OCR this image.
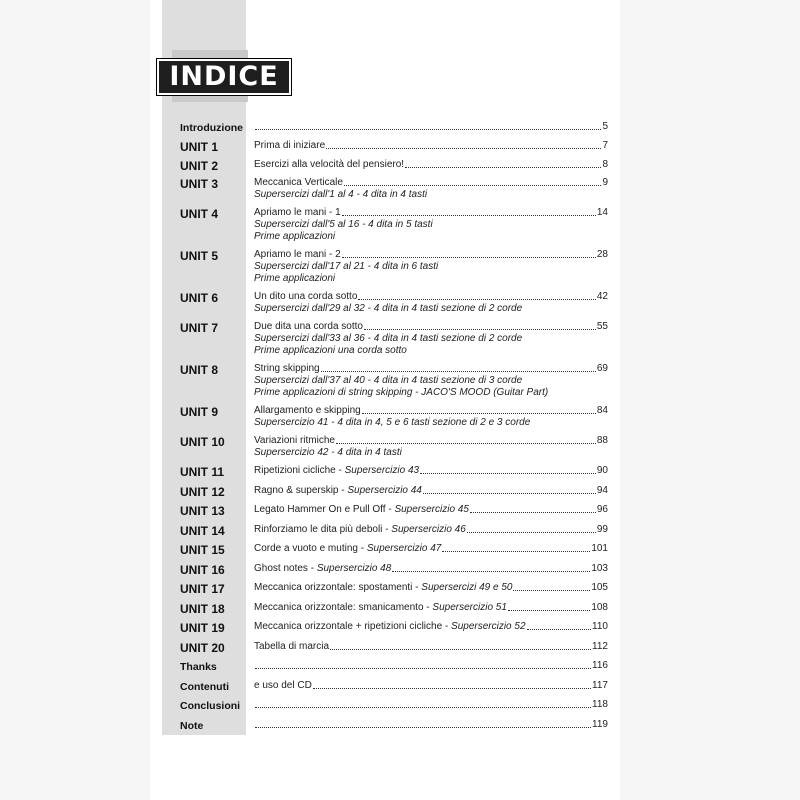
INDICE
Introduzione	5
UNIT 1	Prima di iniziare	7
UNIT 2	Esercizi alla velocità del pensiero!	8
UNIT 3	Meccanica Verticale	9
Supersercizi dall'1 al 4 - 4 dita in 4 tasti
UNIT 4	Apriamo le mani - 1	14
Supersercizi dall'5 al 16 - 4 dita in 5 tasti
Prime applicazioni
UNIT 5	Apriamo le mani - 2	28
Supersercizi dall'17 al 21 - 4 dita in 6 tasti
Prime applicazioni
UNIT 6	Un dito una corda sotto	42
Supersercizi dall'29 al 32 - 4 dita in 4 tasti sezione di 2 corde
UNIT 7	Due dita una corda sotto	55
Supersercizi dall'33 al 36 - 4 dita in 4 tasti sezione di 2 corde
Prime applicazioni una corda sotto
UNIT 8	String skipping	69
Supersercizi dall'37 al 40 - 4 dita in 4 tasti sezione di 3 corde
Prime applicazioni di string skipping - JACO'S MOOD (Guitar Part)
UNIT 9	Allargamento e skipping	84
Supersercizio 41 - 4 dita in 4, 5 e 6 tasti sezione di 2 e 3 corde
UNIT 10	Variazioni ritmiche	88
Supersercizio 42 - 4 dita in 4 tasti
UNIT 11	Ripetizioni cicliche - Supersercizio 43	90
UNIT 12	Ragno & superskip - Supersercizio 44	94
UNIT 13	Legato Hammer On e Pull Off - Supersercizio 45	96
UNIT 14	Rinforziamo le dita più deboli - Supersercizio 46	99
UNIT 15	Corde a vuoto e muting - Supersercizio 47	101
UNIT 16	Ghost notes - Supersercizio 48	103
UNIT 17	Meccanica orizzontale: spostamenti - Supersercizi 49 e 50	105
UNIT 18	Meccanica orizzontale: smanicamento - Supersercizio 51	108
UNIT 19	Meccanica orizzontale + ripetizioni cicliche - Supersercizio 52	110
UNIT 20	Tabella di marcia	112
Thanks	116
Contenuti	e uso del CD	117
Conclusioni	118
Note	119
